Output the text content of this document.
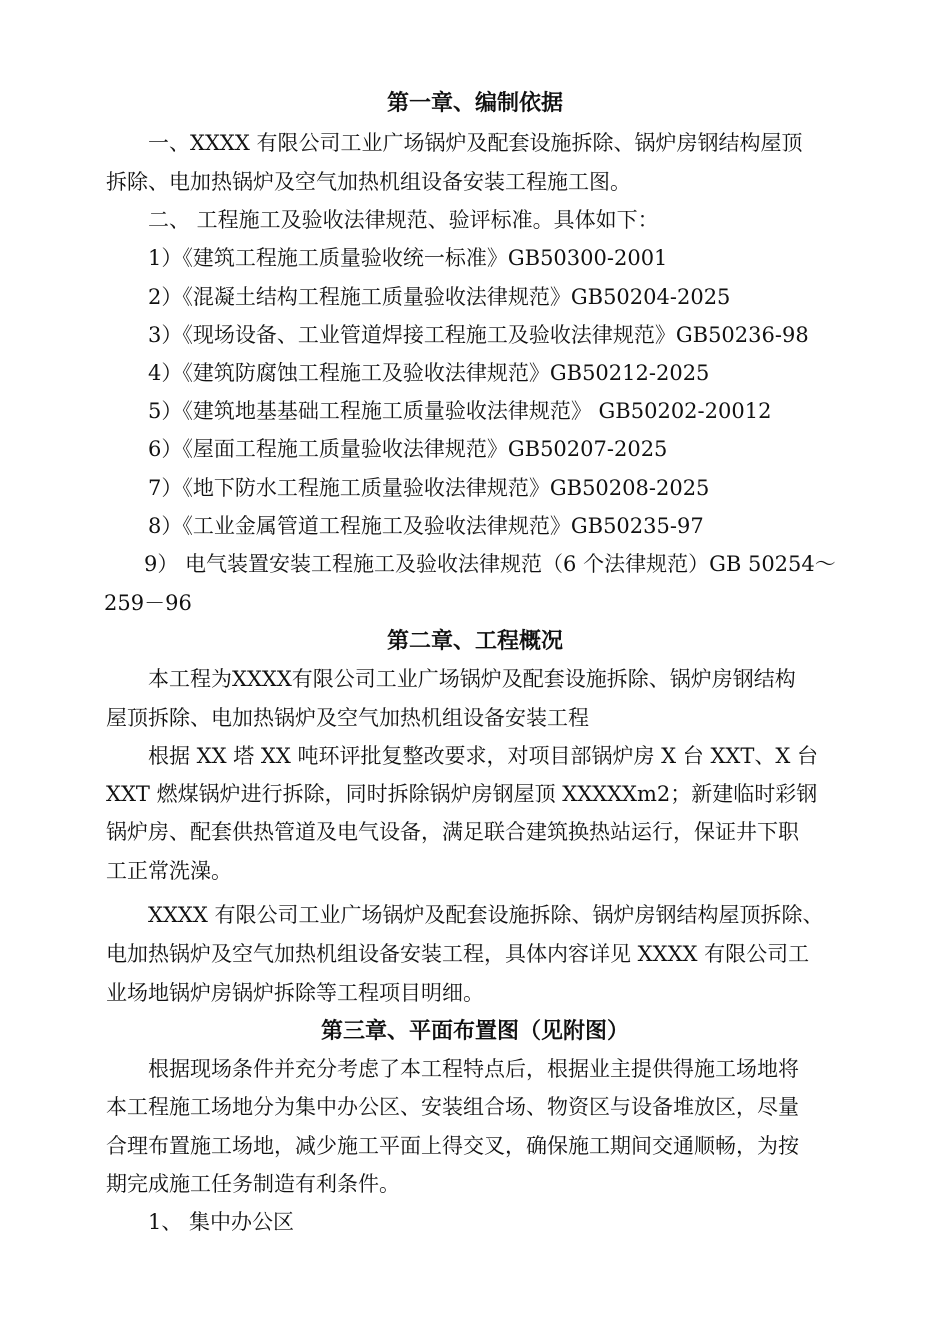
第一章、编制依据
一、XXXX 有限公司工业广场锅炉及配套设施拆除、锅炉房钢结构屋顶
拆除、电加热锅炉及空气加热机组设备安装工程施工图。
二、 工程施工及验收法律规范、验评标准。具体如下：
1）《建筑工程施工质量验收统一标准》GB50300-2001
2）《混凝土结构工程施工质量验收法律规范》GB50204-2025
3）《现场设备、工业管道焊接工程施工及验收法律规范》GB50236-98
4）《建筑防腐蚀工程施工及验收法律规范》GB50212-2025
5）《建筑地基基础工程施工质量验收法律规范》 GB50202-20012
6）《屋面工程施工质量验收法律规范》GB50207-2025
7）《地下防水工程施工质量验收法律规范》GB50208-2025
8）《工业金属管道工程施工及验收法律规范》GB50235-97
9） 电气装置安装工程施工及验收法律规范（6 个法律规范）GB 50254～
259－96
第二章、工程概况
本工程为XXXX有限公司工业广场锅炉及配套设施拆除、锅炉房钢结构
屋顶拆除、电加热锅炉及空气加热机组设备安装工程
根据 XX 塔 XX 吨环评批复整改要求，对项目部锅炉房 X 台 XXT、X 台
XXT 燃煤锅炉进行拆除，同时拆除锅炉房钢屋顶 XXXXXm2；新建临时彩钢
锅炉房、配套供热管道及电气设备，满足联合建筑换热站运行，保证井下职
工正常洗澡。
XXXX 有限公司工业广场锅炉及配套设施拆除、锅炉房钢结构屋顶拆除、
电加热锅炉及空气加热机组设备安装工程，具体内容详见 XXXX 有限公司工
业场地锅炉房锅炉拆除等工程项目明细。
第三章、平面布置图（见附图）
根据现场条件并充分考虑了本工程特点后，根据业主提供得施工场地将
本工程施工场地分为集中办公区、安装组合场、物资区与设备堆放区，尽量
合理布置施工场地，减少施工平面上得交叉，确保施工期间交通顺畅，为按
期完成施工任务制造有利条件。
1、 集中办公区
